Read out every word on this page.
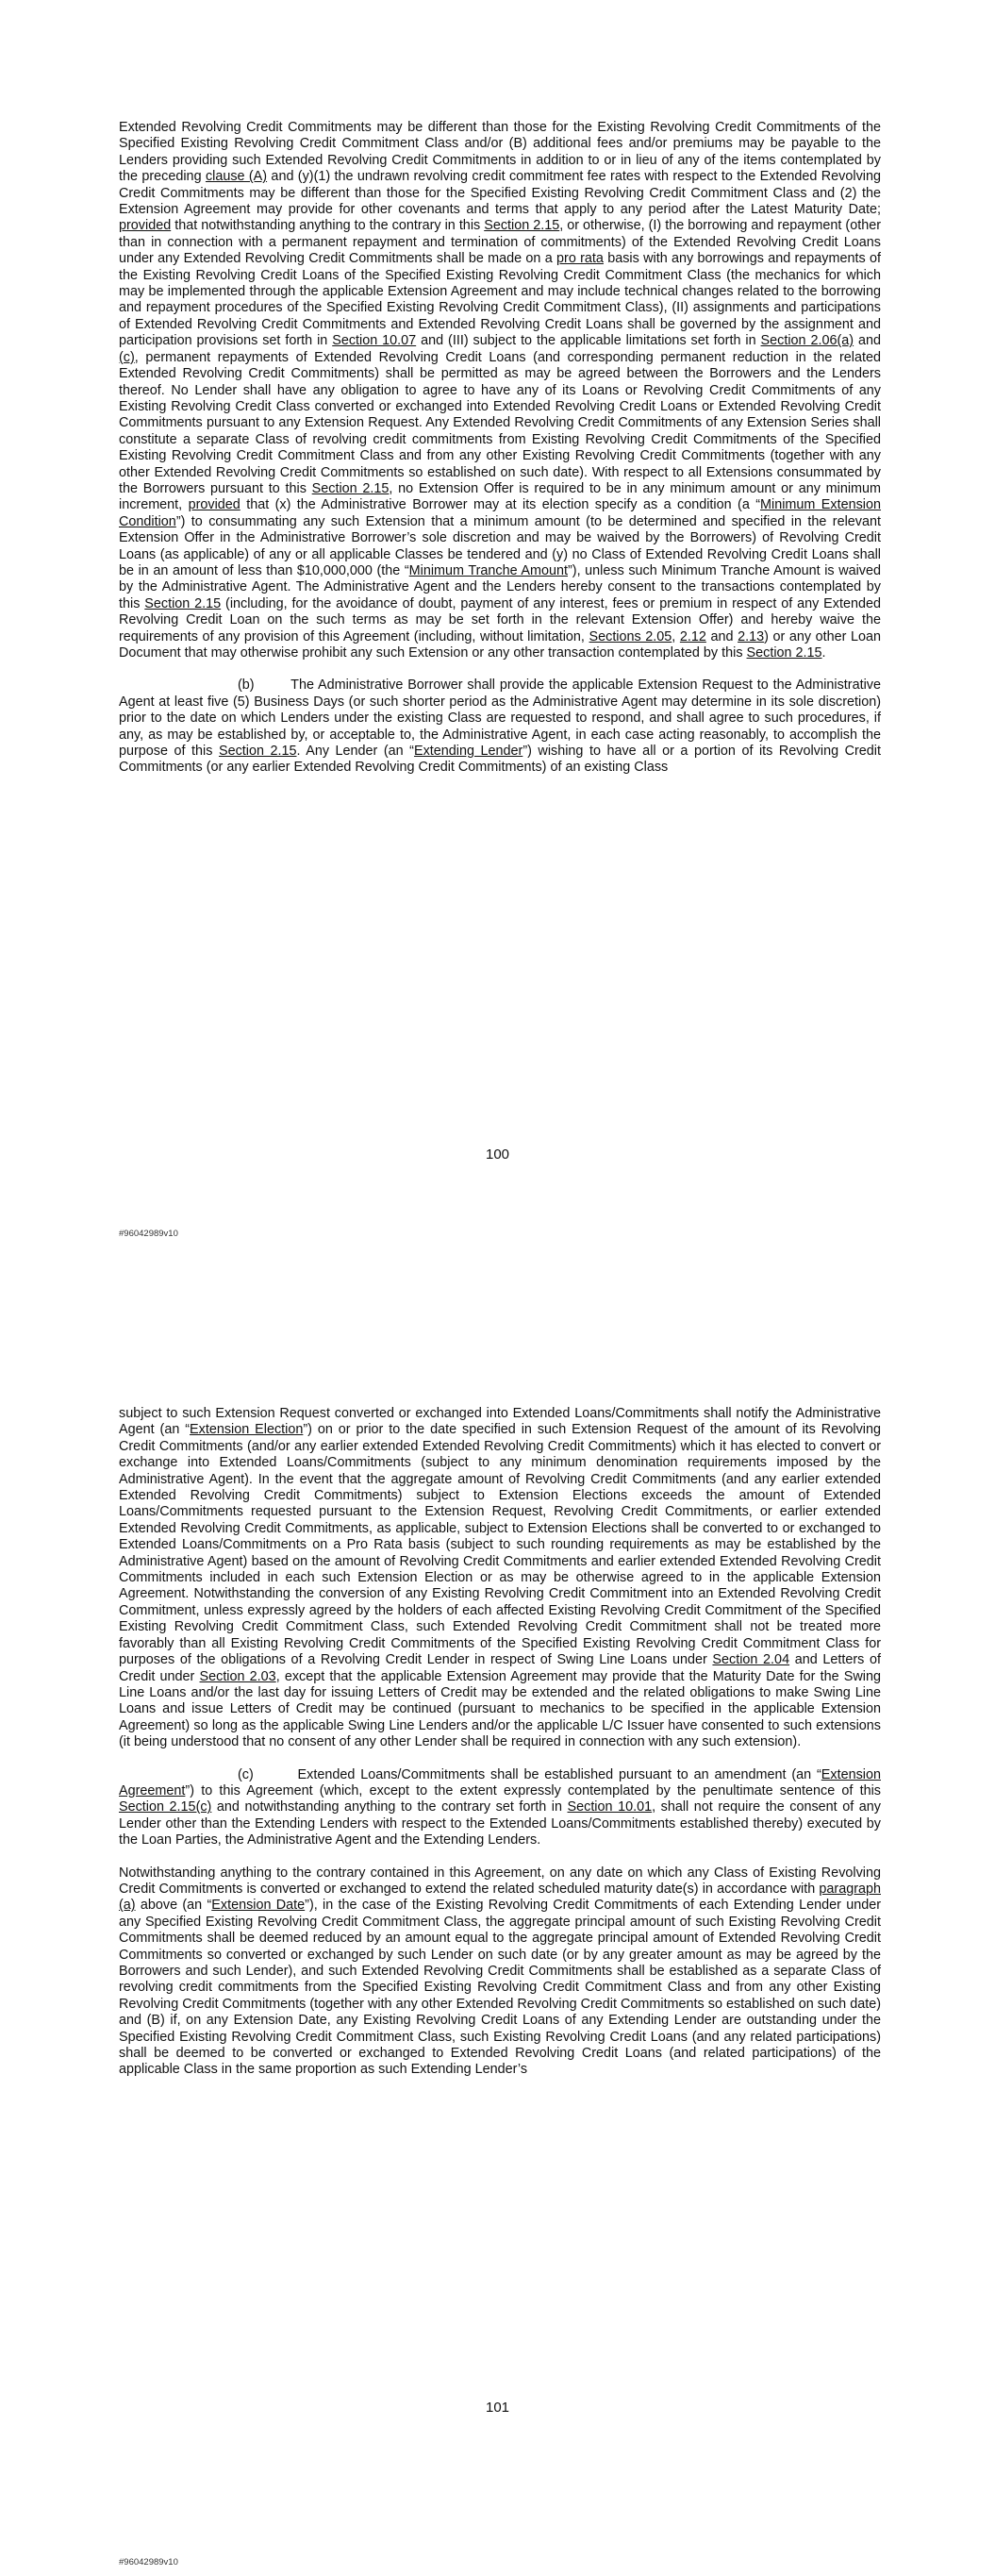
Extended Revolving Credit Commitments may be different than those for the Existing Revolving Credit Commitments of the Specified Existing Revolving Credit Commitment Class and/or (B) additional fees and/or premiums may be payable to the Lenders providing such Extended Revolving Credit Commitments in addition to or in lieu of any of the items contemplated by the preceding clause (A) and (y)(1) the undrawn revolving credit commitment fee rates with respect to the Extended Revolving Credit Commitments may be different than those for the Specified Existing Revolving Credit Commitment Class and (2) the Extension Agreement may provide for other covenants and terms that apply to any period after the Latest Maturity Date; provided that notwithstanding anything to the contrary in this Section 2.15, or otherwise, (I) the borrowing and repayment (other than in connection with a permanent repayment and termination of commitments) of the Extended Revolving Credit Loans under any Extended Revolving Credit Commitments shall be made on a pro rata basis with any borrowings and repayments of the Existing Revolving Credit Loans of the Specified Existing Revolving Credit Commitment Class (the mechanics for which may be implemented through the applicable Extension Agreement and may include technical changes related to the borrowing and repayment procedures of the Specified Existing Revolving Credit Commitment Class), (II) assignments and participations of Extended Revolving Credit Commitments and Extended Revolving Credit Loans shall be governed by the assignment and participation provisions set forth in Section 10.07 and (III) subject to the applicable limitations set forth in Section 2.06(a) and (c), permanent repayments of Extended Revolving Credit Loans (and corresponding permanent reduction in the related Extended Revolving Credit Commitments) shall be permitted as may be agreed between the Borrowers and the Lenders thereof. No Lender shall have any obligation to agree to have any of its Loans or Revolving Credit Commitments of any Existing Revolving Credit Class converted or exchanged into Extended Revolving Credit Loans or Extended Revolving Credit Commitments pursuant to any Extension Request. Any Extended Revolving Credit Commitments of any Extension Series shall constitute a separate Class of revolving credit commitments from Existing Revolving Credit Commitments of the Specified Existing Revolving Credit Commitment Class and from any other Existing Revolving Credit Commitments (together with any other Extended Revolving Credit Commitments so established on such date). With respect to all Extensions consummated by the Borrowers pursuant to this Section 2.15, no Extension Offer is required to be in any minimum amount or any minimum increment, provided that (x) the Administrative Borrower may at its election specify as a condition (a “Minimum Extension Condition”) to consummating any such Extension that a minimum amount (to be determined and specified in the relevant Extension Offer in the Administrative Borrower’s sole discretion and may be waived by the Borrowers) of Revolving Credit Loans (as applicable) of any or all applicable Classes be tendered and (y) no Class of Extended Revolving Credit Loans shall be in an amount of less than $10,000,000 (the “Minimum Tranche Amount”), unless such Minimum Tranche Amount is waived by the Administrative Agent. The Administrative Agent and the Lenders hereby consent to the transactions contemplated by this Section 2.15 (including, for the avoidance of doubt, payment of any interest, fees or premium in respect of any Extended Revolving Credit Loan on the such terms as may be set forth in the relevant Extension Offer) and hereby waive the requirements of any provision of this Agreement (including, without limitation, Sections 2.05, 2.12 and 2.13) or any other Loan Document that may otherwise prohibit any such Extension or any other transaction contemplated by this Section 2.15.

(b)        The Administrative Borrower shall provide the applicable Extension Request to the Administrative Agent at least five (5) Business Days (or such shorter period as the Administrative Agent may determine in its sole discretion) prior to the date on which Lenders under the existing Class are requested to respond, and shall agree to such procedures, if any, as may be established by, or acceptable to, the Administrative Agent, in each case acting reasonably, to accomplish the purpose of this Section 2.15. Any Lender (an “Extending Lender”) wishing to have all or a portion of its Revolving Credit Commitments (or any earlier Extended Revolving Credit Commitments) of an existing Class

100
#96042989v10

subject to such Extension Request converted or exchanged into Extended Loans/Commitments shall notify the Administrative Agent (an “Extension Election”) on or prior to the date specified in such Extension Request of the amount of its Revolving Credit Commitments (and/or any earlier extended Extended Revolving Credit Commitments) which it has elected to convert or exchange into Extended Loans/Commitments (subject to any minimum denomination requirements imposed by the Administrative Agent). In the event that the aggregate amount of Revolving Credit Commitments (and any earlier extended Extended Revolving Credit Commitments) subject to Extension Elections exceeds the amount of Extended Loans/Commitments requested pursuant to the Extension Request, Revolving Credit Commitments, or earlier extended Extended Revolving Credit Commitments, as applicable, subject to Extension Elections shall be converted to or exchanged to Extended Loans/Commitments on a Pro Rata basis (subject to such rounding requirements as may be established by the Administrative Agent) based on the amount of Revolving Credit Commitments and earlier extended Extended Revolving Credit Commitments included in each such Extension Election or as may be otherwise agreed to in the applicable Extension Agreement. Notwithstanding the conversion of any Existing Revolving Credit Commitment into an Extended Revolving Credit Commitment, unless expressly agreed by the holders of each affected Existing Revolving Credit Commitment of the Specified Existing Revolving Credit Commitment Class, such Extended Revolving Credit Commitment shall not be treated more favorably than all Existing Revolving Credit Commitments of the Specified Existing Revolving Credit Commitment Class for purposes of the obligations of a Revolving Credit Lender in respect of Swing Line Loans under Section 2.04 and Letters of Credit under Section 2.03, except that the applicable Extension Agreement may provide that the Maturity Date for the Swing Line Loans and/or the last day for issuing Letters of Credit may be extended and the related obligations to make Swing Line Loans and issue Letters of Credit may be continued (pursuant to mechanics to be specified in the applicable Extension Agreement) so long as the applicable Swing Line Lenders and/or the applicable L/C Issuer have consented to such extensions (it being understood that no consent of any other Lender shall be required in connection with any such extension).

(c)        Extended Loans/Commitments shall be established pursuant to an amendment (an “Extension Agreement”) to this Agreement (which, except to the extent expressly contemplated by the penultimate sentence of this Section 2.15(c) and notwithstanding anything to the contrary set forth in Section 10.01, shall not require the consent of any Lender other than the Extending Lenders with respect to the Extended Loans/Commitments established thereby) executed by the Loan Parties, the Administrative Agent and the Extending Lenders.

Notwithstanding anything to the contrary contained in this Agreement, on any date on which any Class of Existing Revolving Credit Commitments is converted or exchanged to extend the related scheduled maturity date(s) in accordance with paragraph (a) above (an “Extension Date”), in the case of the Existing Revolving Credit Commitments of each Extending Lender under any Specified Existing Revolving Credit Commitment Class, the aggregate principal amount of such Existing Revolving Credit Commitments shall be deemed reduced by an amount equal to the aggregate principal amount of Extended Revolving Credit Commitments so converted or exchanged by such Lender on such date (or by any greater amount as may be agreed by the Borrowers and such Lender), and such Extended Revolving Credit Commitments shall be established as a separate Class of revolving credit commitments from the Specified Existing Revolving Credit Commitment Class and from any other Existing Revolving Credit Commitments (together with any other Extended Revolving Credit Commitments so established on such date) and (B) if, on any Extension Date, any Existing Revolving Credit Loans of any Extending Lender are outstanding under the Specified Existing Revolving Credit Commitment Class, such Existing Revolving Credit Loans (and any related participations) shall be deemed to be converted or exchanged to Extended Revolving Credit Loans (and related participations) of the applicable Class in the same proportion as such Extending Lender’s

101
#96042989v10
